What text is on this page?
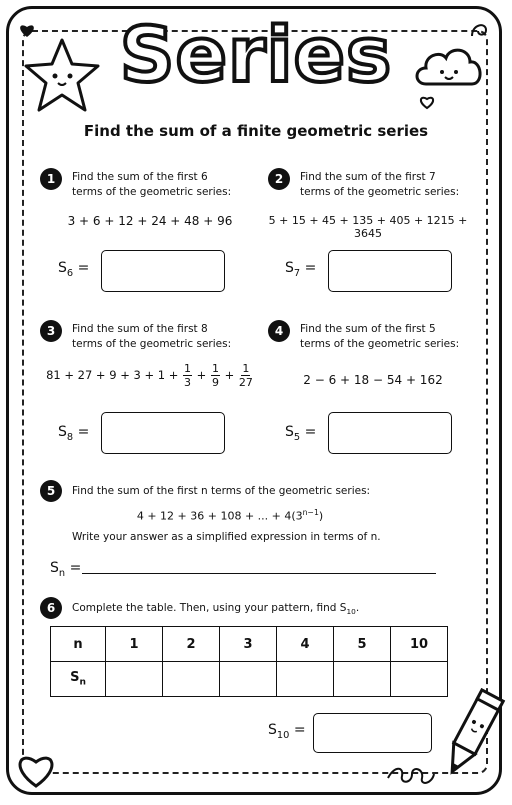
Series
Find the sum of a finite geometric series
1	Find the sum of the first 6
terms of the geometric series:
3 + 6 + 12 + 24 + 48 + 96
$S_6$ =
2	Find the sum of the first 7
terms of the geometric series:
5 + 15 + 45 + 135 + 405 + 1215 + 3645
$S_7$ =
3	Find the sum of the first 8
terms of the geometric series:
$81 + 27 + 9 + 3 + 1 + \frac{1}{3} + \frac{1}{9} + \frac{1}{27}$
$S_8$ =
4	Find the sum of the first 5
terms of the geometric series:
2 − 6 + 18 − 54 + 162
$S_5$ =
5	Find the sum of the first n terms of the geometric series:
4 + 12 + 36 + 108 + ... + $4(3^{n-1})$
Write your answer as a simplified expression in terms of n.
$S_n$ =
6	Complete the table. Then, using your pattern, find $S_{10}$.
n	1	2	3	4	5	10
$S_n$						
$S_{10}$ =
